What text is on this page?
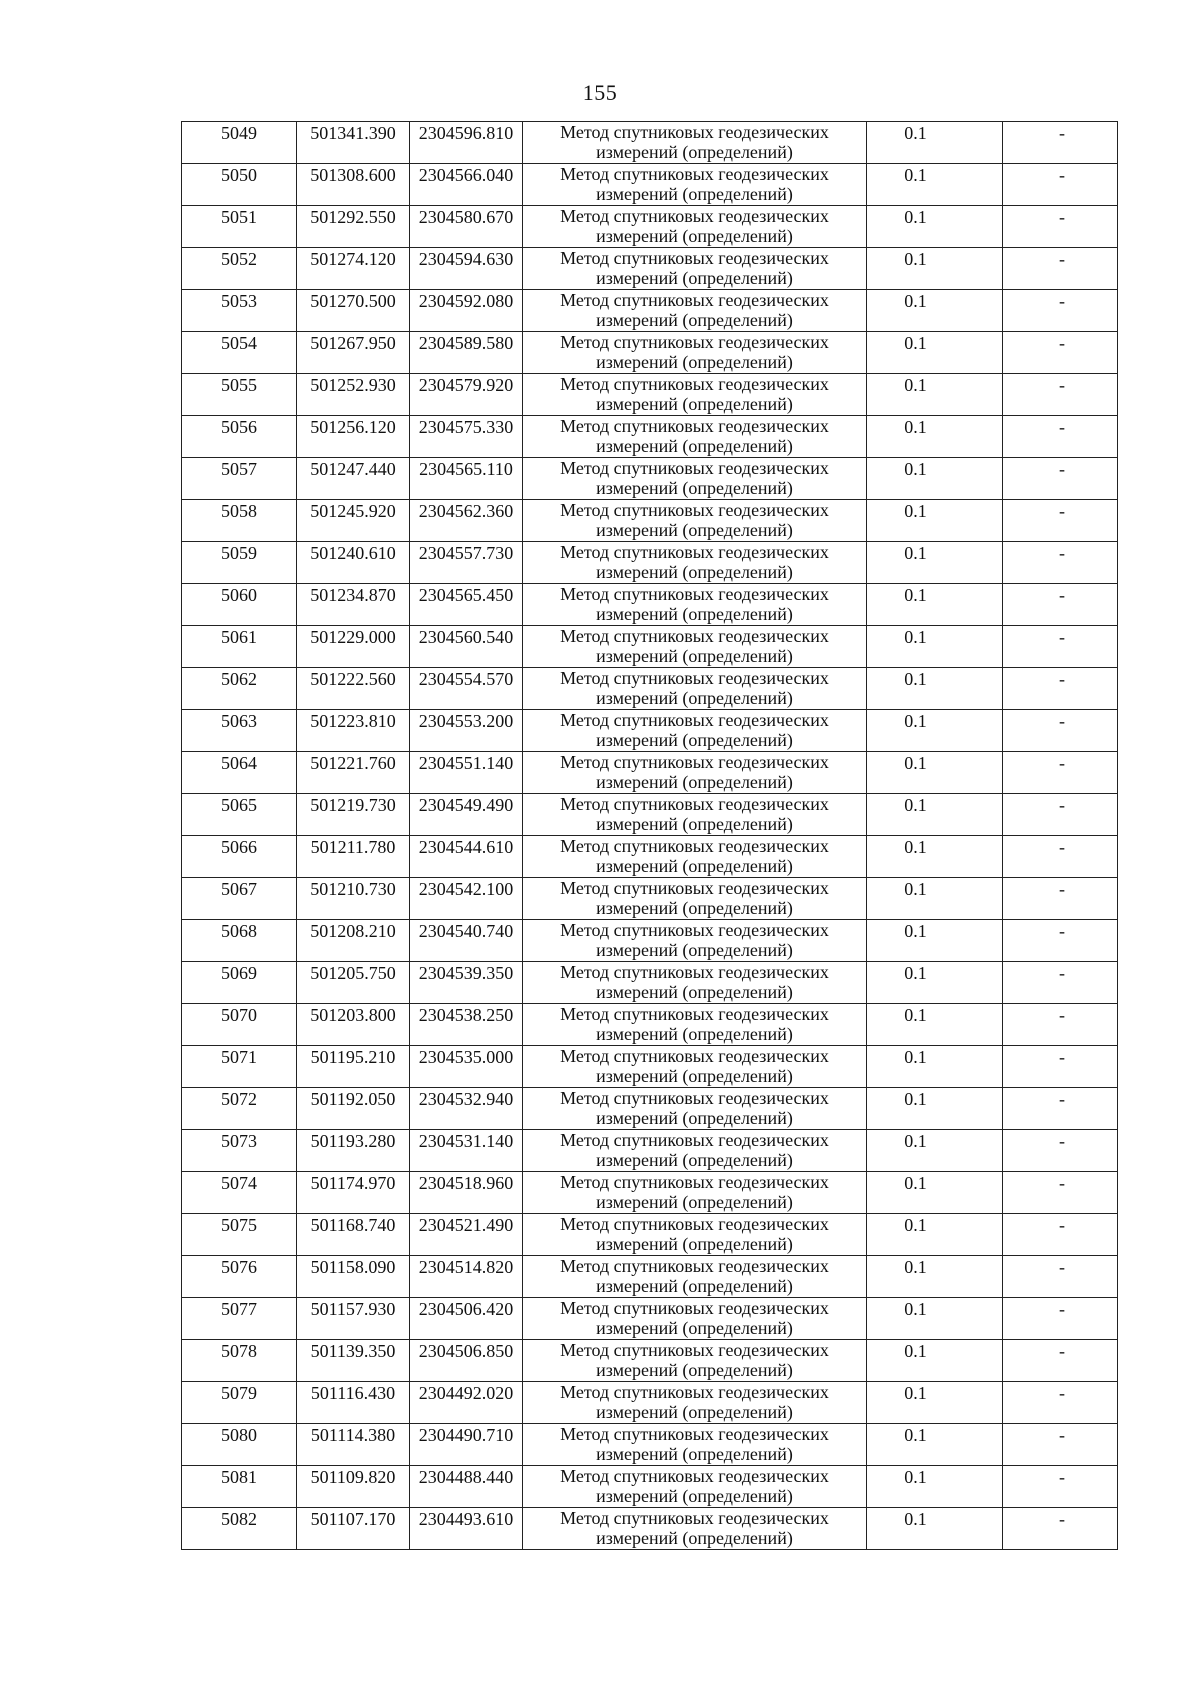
155
5049	501341.390	2304596.810	Метод спутниковых геодезических
измерений (определений)	0.1	-

5050	501308.600	2304566.040	Метод спутниковых геодезических
измерений (определений)	0.1	-

5051	501292.550	2304580.670	Метод спутниковых геодезических
измерений (определений)	0.1	-

5052	501274.120	2304594.630	Метод спутниковых геодезических
измерений (определений)	0.1	-

5053	501270.500	2304592.080	Метод спутниковых геодезических
измерений (определений)	0.1	-

5054	501267.950	2304589.580	Метод спутниковых геодезических
измерений (определений)	0.1	-

5055	501252.930	2304579.920	Метод спутниковых геодезических
измерений (определений)	0.1	-

5056	501256.120	2304575.330	Метод спутниковых геодезических
измерений (определений)	0.1	-

5057	501247.440	2304565.110	Метод спутниковых геодезических
измерений (определений)	0.1	-

5058	501245.920	2304562.360	Метод спутниковых геодезических
измерений (определений)	0.1	-

5059	501240.610	2304557.730	Метод спутниковых геодезических
измерений (определений)	0.1	-

5060	501234.870	2304565.450	Метод спутниковых геодезических
измерений (определений)	0.1	-

5061	501229.000	2304560.540	Метод спутниковых геодезических
измерений (определений)	0.1	-

5062	501222.560	2304554.570	Метод спутниковых геодезических
измерений (определений)	0.1	-

5063	501223.810	2304553.200	Метод спутниковых геодезических
измерений (определений)	0.1	-

5064	501221.760	2304551.140	Метод спутниковых геодезических
измерений (определений)	0.1	-

5065	501219.730	2304549.490	Метод спутниковых геодезических
измерений (определений)	0.1	-

5066	501211.780	2304544.610	Метод спутниковых геодезических
измерений (определений)	0.1	-

5067	501210.730	2304542.100	Метод спутниковых геодезических
измерений (определений)	0.1	-

5068	501208.210	2304540.740	Метод спутниковых геодезических
измерений (определений)	0.1	-

5069	501205.750	2304539.350	Метод спутниковых геодезических
измерений (определений)	0.1	-

5070	501203.800	2304538.250	Метод спутниковых геодезических
измерений (определений)	0.1	-

5071	501195.210	2304535.000	Метод спутниковых геодезических
измерений (определений)	0.1	-

5072	501192.050	2304532.940	Метод спутниковых геодезических
измерений (определений)	0.1	-

5073	501193.280	2304531.140	Метод спутниковых геодезических
измерений (определений)	0.1	-

5074	501174.970	2304518.960	Метод спутниковых геодезических
измерений (определений)	0.1	-

5075	501168.740	2304521.490	Метод спутниковых геодезических
измерений (определений)	0.1	-

5076	501158.090	2304514.820	Метод спутниковых геодезических
измерений (определений)	0.1	-

5077	501157.930	2304506.420	Метод спутниковых геодезических
измерений (определений)	0.1	-

5078	501139.350	2304506.850	Метод спутниковых геодезических
измерений (определений)	0.1	-

5079	501116.430	2304492.020	Метод спутниковых геодезических
измерений (определений)	0.1	-

5080	501114.380	2304490.710	Метод спутниковых геодезических
измерений (определений)	0.1	-

5081	501109.820	2304488.440	Метод спутниковых геодезических
измерений (определений)	0.1	-

5082	501107.170	2304493.610	Метод спутниковых геодезических
измерений (определений)	0.1	-
